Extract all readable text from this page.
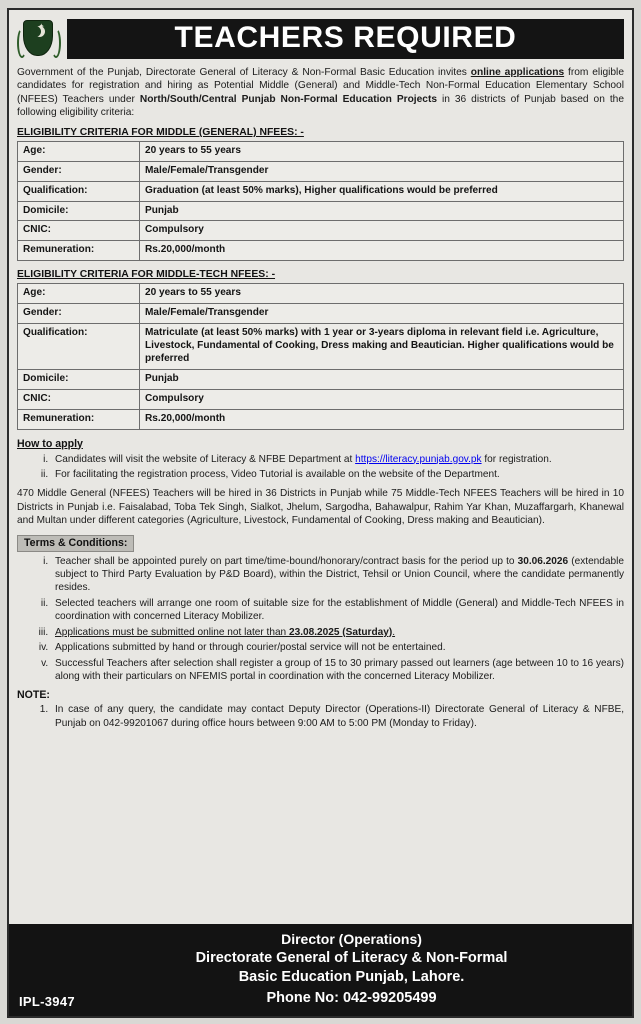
✦	TEACHERS REQUIRED
Government of the Punjab, Directorate General of Literacy & Non-Formal Basic Education invites online applications from eligible candidates for registration and hiring as Potential Middle (General) and Middle-Tech Non-Formal Education Elementary School (NFEES) Teachers under North/South/Central Punjab Non-Formal Education Projects in 36 districts of Punjab based on the following eligibility criteria:
ELIGIBILITY CRITERIA FOR MIDDLE (GENERAL) NFEES: -
Age:	20 years to 55 years
Gender:	Male/Female/Transgender
Qualification:	Graduation (at least 50% marks), Higher qualifications would be preferred
Domicile:	Punjab
CNIC:	Compulsory
Remuneration:	Rs.20,000/month
ELIGIBILITY CRITERIA FOR MIDDLE-TECH NFEES: -
Age:	20 years to 55 years
Gender:	Male/Female/Transgender
Qualification:	Matriculate (at least 50% marks) with 1 year or 3-years diploma in relevant field i.e. Agriculture, Livestock, Fundamental of Cooking, Dress making and Beautician. Higher qualifications would be preferred
Domicile:	Punjab
CNIC:	Compulsory
Remuneration:	Rs.20,000/month
How to apply
i. Candidates will visit the website of Literacy & NFBE Department at https://literacy.punjab.gov.pk for registration.
ii. For facilitating the registration process, Video Tutorial is available on the website of the Department.
470 Middle General (NFEES) Teachers will be hired in 36 Districts in Punjab while 75 Middle-Tech NFEES Teachers will be hired in 10 Districts in Punjab i.e. Faisalabad, Toba Tek Singh, Sialkot, Jhelum, Sargodha, Bahawalpur, Rahim Yar Khan, Muzaffargarh, Khanewal and Multan under different categories (Agriculture, Livestock, Fundamental of Cooking, Dress making and Beautician).
Terms & Conditions:
i. Teacher shall be appointed purely on part time/time-bound/honorary/contract basis for the period up to 30.06.2026 (extendable subject to Third Party Evaluation by P&D Board), within the District, Tehsil or Union Council, where the candidate permanently resides.
ii. Selected teachers will arrange one room of suitable size for the establishment of Middle (General) and Middle-Tech NFEES in coordination with concerned Literacy Mobilizer.
iii. Applications must be submitted online not later than 23.08.2025 (Saturday).
iv. Applications submitted by hand or through courier/postal service will not be entertained.
v. Successful Teachers after selection shall register a group of 15 to 30 primary passed out learners (age between 10 to 16 years) along with their particulars on NFEMIS portal in coordination with the concerned Literacy Mobilizer.
NOTE:
1. In case of any query, the candidate may contact Deputy Director (Operations-II) Directorate General of Literacy & NFBE, Punjab on 042-99201067 during office hours between 9:00 AM to 5:00 PM (Monday to Friday).
IPL-3947
Director (Operations)
Directorate General of Literacy & Non-Formal
Basic Education Punjab, Lahore.
Phone No: 042-99205499
